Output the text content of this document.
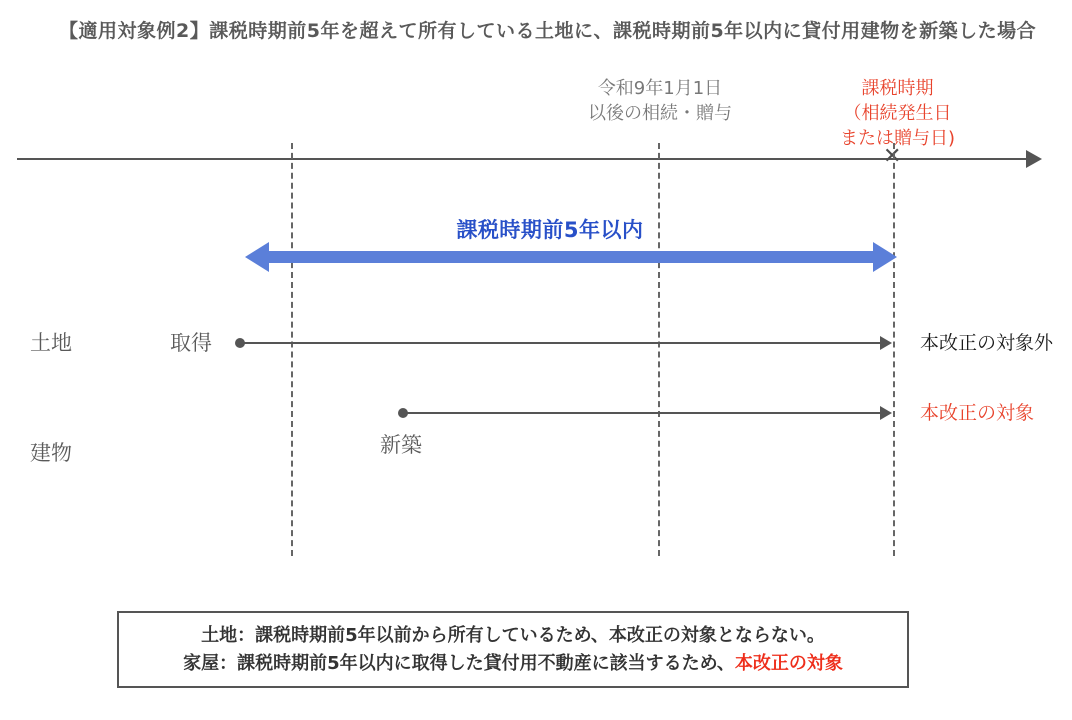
【適用対象例2】課税時期前5年を超えて所有している土地に、課税時期前5年以内に貸付用建物を新築した場合
令和9年1月1日
以後の相続・贈与
課税時期
（相続発生日
または贈与日)
✕
課税時期前5年以内
土地	取得	本改正の対象外
建物	新築
本改正の対象
土地：課税時期前5年以前から所有しているため、本改正の対象とならない。
家屋：課税時期前5年以内に取得した貸付用不動産に該当するため、本改正の対象
